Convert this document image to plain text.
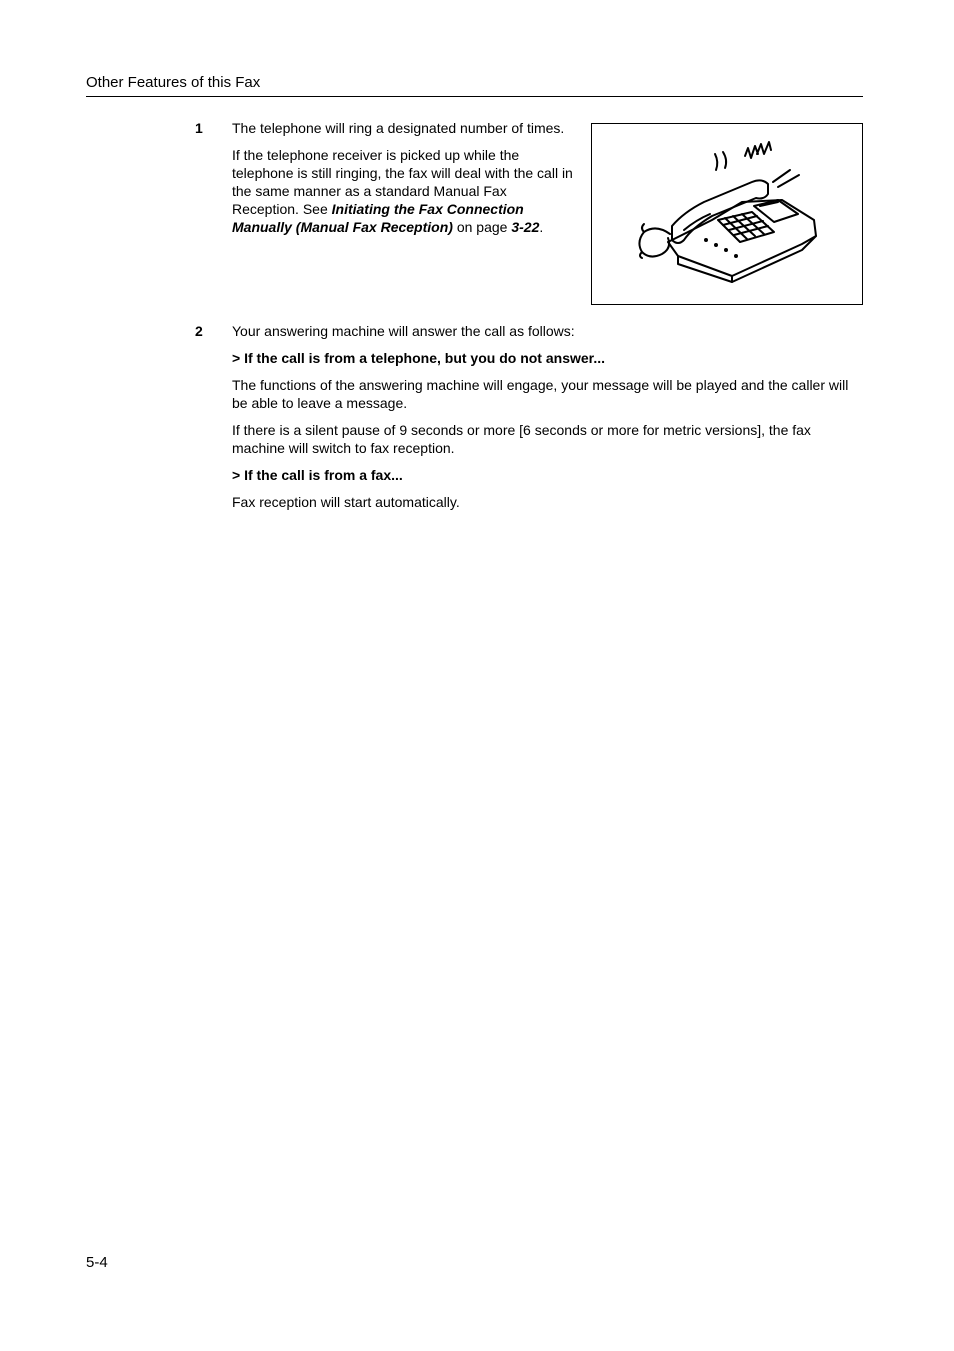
Other Features of this Fax
1 The telephone will ring a designated number of times.
If the telephone receiver is picked up while the
telephone is still ringing, the fax will deal with the call in
the same manner as a standard Manual Fax
Reception. See Initiating the Fax Connection
Manually (Manual Fax Reception) on page 3-22.
2 Your answering machine will answer the call as follows:
> If the call is from a telephone, but you do not answer...
The functions of the answering machine will engage, your message will be played and the caller will
be able to leave a message.
If there is a silent pause of 9 seconds or more [6 seconds or more for metric versions], the fax
machine will switch to fax reception.
> If the call is from a fax...
Fax reception will start automatically.
5-4
